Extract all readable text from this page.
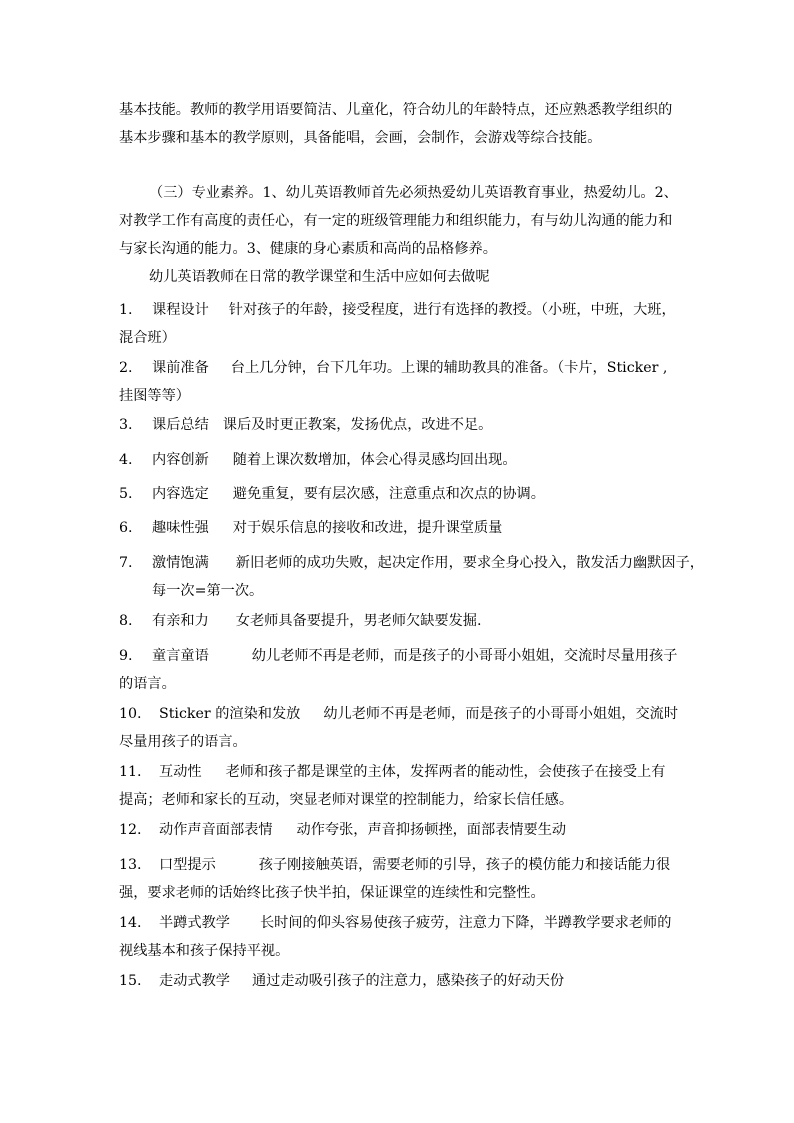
基本技能。教师的教学用语要简洁、儿童化，符合幼儿的年龄特点，还应熟悉教学组织的基本步骤和基本的教学原则，具备能唱，会画，会制作，会游戏等综合技能。

（三）专业素养。1、幼儿英语教师首先必须热爱幼儿英语教育事业，热爱幼儿。2、对教学工作有高度的责任心，有一定的班级管理能力和组织能力，有与幼儿沟通的能力和与家长沟通的能力。3、健康的身心素质和高尚的品格修养。

幼儿英语教师在日常的教学课堂和生活中应如何去做呢

1. 课程设计 针对孩子的年龄，接受程度，进行有选择的教授。（小班，中班，大班，混合班）

2. 课前准备 台上几分钟，台下几年功。上课的辅助教具的准备。（卡片，Sticker ,挂图等等）

3. 课后总结 课后及时更正教案，发扬优点，改进不足。

4. 内容创新 随着上课次数增加，体会心得灵感均回出现。

5. 内容选定 避免重复，要有层次感，注意重点和次点的协调。

6. 趣味性强 对于娱乐信息的接收和改进，提升课堂质量

7. 激情饱满 新旧老师的成功失败，起决定作用，要求全身心投入，散发活力幽默因子，每一次=第一次。

8. 有亲和力 女老师具备要提升，男老师欠缺要发掘.

9. 童言童语	幼儿老师不再是老师，而是孩子的小哥哥小姐姐，交流时尽量用孩子的语言。

10. Sticker 的渲染和发放 幼儿老师不再是老师，而是孩子的小哥哥小姐姐，交流时尽量用孩子的语言。

11. 互动性 老师和孩子都是课堂的主体，发挥两者的能动性，会使孩子在接受上有提高；老师和家长的互动，突显老师对课堂的控制能力，给家长信任感。

12. 动作声音面部表情 动作夸张，声音抑扬顿挫，面部表情要生动

13. 口型提示	孩子刚接触英语，需要老师的引导，孩子的模仿能力和接话能力很强，要求老师的话始终比孩子快半拍，保证课堂的连续性和完整性。

14. 半蹲式教学 长时间的仰头容易使孩子疲劳，注意力下降，半蹲教学要求老师的视线基本和孩子保持平视。

15. 走动式教学 通过走动吸引孩子的注意力，感染孩子的好动天份
